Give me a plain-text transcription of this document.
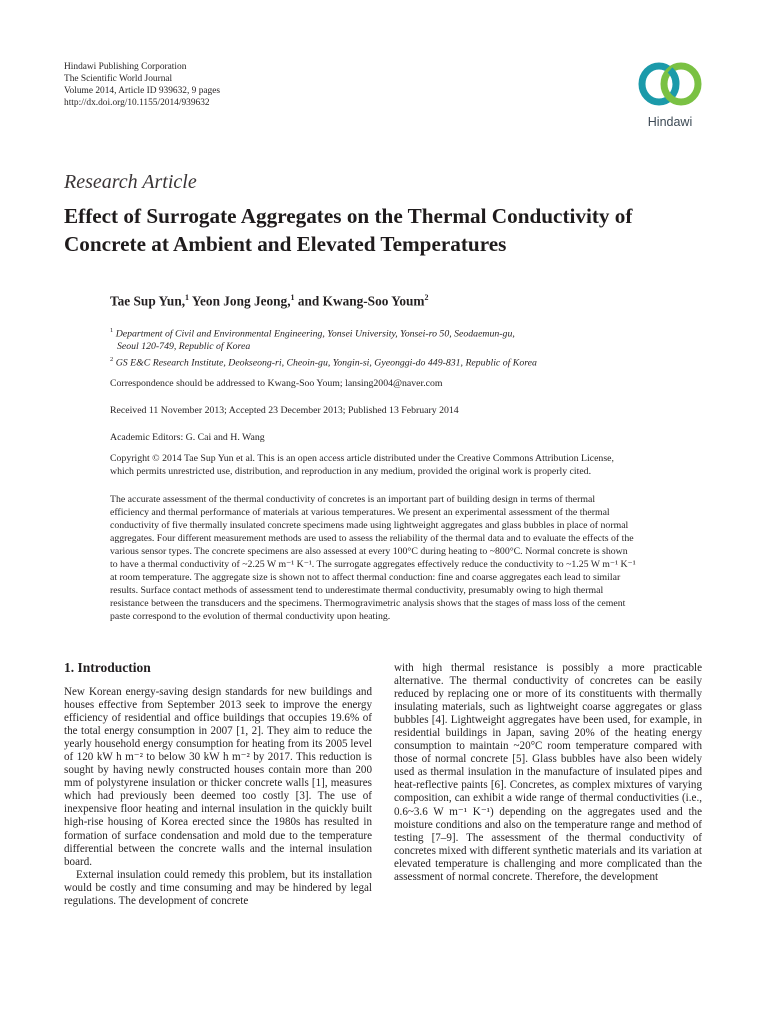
Hindawi Publishing Corporation
The Scientific World Journal
Volume 2014, Article ID 939632, 9 pages
http://dx.doi.org/10.1155/2014/939632
Hindawi
Research Article
Effect of Surrogate Aggregates on the Thermal Conductivity of Concrete at Ambient and Elevated Temperatures
Tae Sup Yun,$^1$ Yeon Jong Jeong,$^1$ and Kwang-Soo Youm$^2$

$^1$ Department of Civil and Environmental Engineering, Yonsei University, Yonsei-ro 50, Seodaemun-gu,

Seoul 120-749, Republic of Korea

$^2$ GS E&C Research Institute, Deokseong-ri, Cheoin-gu, Yongin-si, Gyeonggi-do 449-831, Republic of Korea

Correspondence should be addressed to Kwang-Soo Youm; lansing2004@naver.com
Received 11 November 2013; Accepted 23 December 2013; Published 13 February 2014
Academic Editors: G. Cai and H. Wang
Copyright © 2014 Tae Sup Yun et al. This is an open access article distributed under the Creative Commons Attribution License,
which permits unrestricted use, distribution, and reproduction in any medium, provided the original work is properly cited.

The accurate assessment of the thermal conductivity of concretes is an important part of building design in terms of thermal

efficiency and thermal performance of materials at various temperatures. We present an experimental assessment of the thermal

conductivity of five thermally insulated concrete specimens made using lightweight aggregates and glass bubbles in place of normal

aggregates. Four different measurement methods are used to assess the reliability of the thermal data and to evaluate the effects of the

various sensor types. The concrete specimens are also assessed at every 100°C during heating to ~800°C. Normal concrete is shown

to have a thermal conductivity of ~2.25 W m⁻¹ K⁻¹. The surrogate aggregates effectively reduce the conductivity to ~1.25 W m⁻¹ K⁻¹

at room temperature. The aggregate size is shown not to affect thermal conduction: fine and coarse aggregates each lead to similar

results. Surface contact methods of assessment tend to underestimate thermal conductivity, presumably owing to high thermal

resistance between the transducers and the specimens. Thermogravimetric analysis shows that the stages of mass loss of the cement

paste correspond to the evolution of thermal conductivity upon heating.

1. Introduction

New Korean energy-saving design standards for new buildings and houses effective from September 2013 seek to improve the energy efficiency of residential and office buildings that occupies 19.6% of the total energy consumption in 2007 [1, 2]. They aim to reduce the yearly household energy consumption for heating from its 2005 level of 120 kW h m⁻² to below 30 kW h m⁻² by 2017. This reduction is sought by having newly constructed houses contain more than 200 mm of polystyrene insulation or thicker concrete walls [1], measures which had previously been deemed too costly [3]. The use of inexpensive floor heating and internal insulation in the quickly built high-rise housing of Korea erected since the 1980s has resulted in formation of surface condensation and mold due to the temperature differential between the concrete walls and the internal insulation board.

External insulation could remedy this problem, but its installation would be costly and time consuming and may be hindered by legal regulations. The development of concrete

with high thermal resistance is possibly a more practicable alternative. The thermal conductivity of concretes can be easily reduced by replacing one or more of its constituents with thermally insulating materials, such as lightweight coarse aggregates or glass bubbles [4]. Lightweight aggregates have been used, for example, in residential buildings in Japan, saving 20% of the heating energy consumption to maintain ~20°C room temperature compared with those of normal concrete [5]. Glass bubbles have also been widely used as thermal insulation in the manufacture of insulated pipes and heat-reflective paints [6]. Concretes, as complex mixtures of varying composition, can exhibit a wide range of thermal conductivities (i.e., 0.6~3.6 W m⁻¹ K⁻¹) depending on the aggregates used and the moisture conditions and also on the temperature range and method of testing [7–9]. The assessment of the thermal conductivity of concretes mixed with different synthetic materials and its variation at elevated temperature is challenging and more complicated than the assessment of normal concrete. Therefore, the development
